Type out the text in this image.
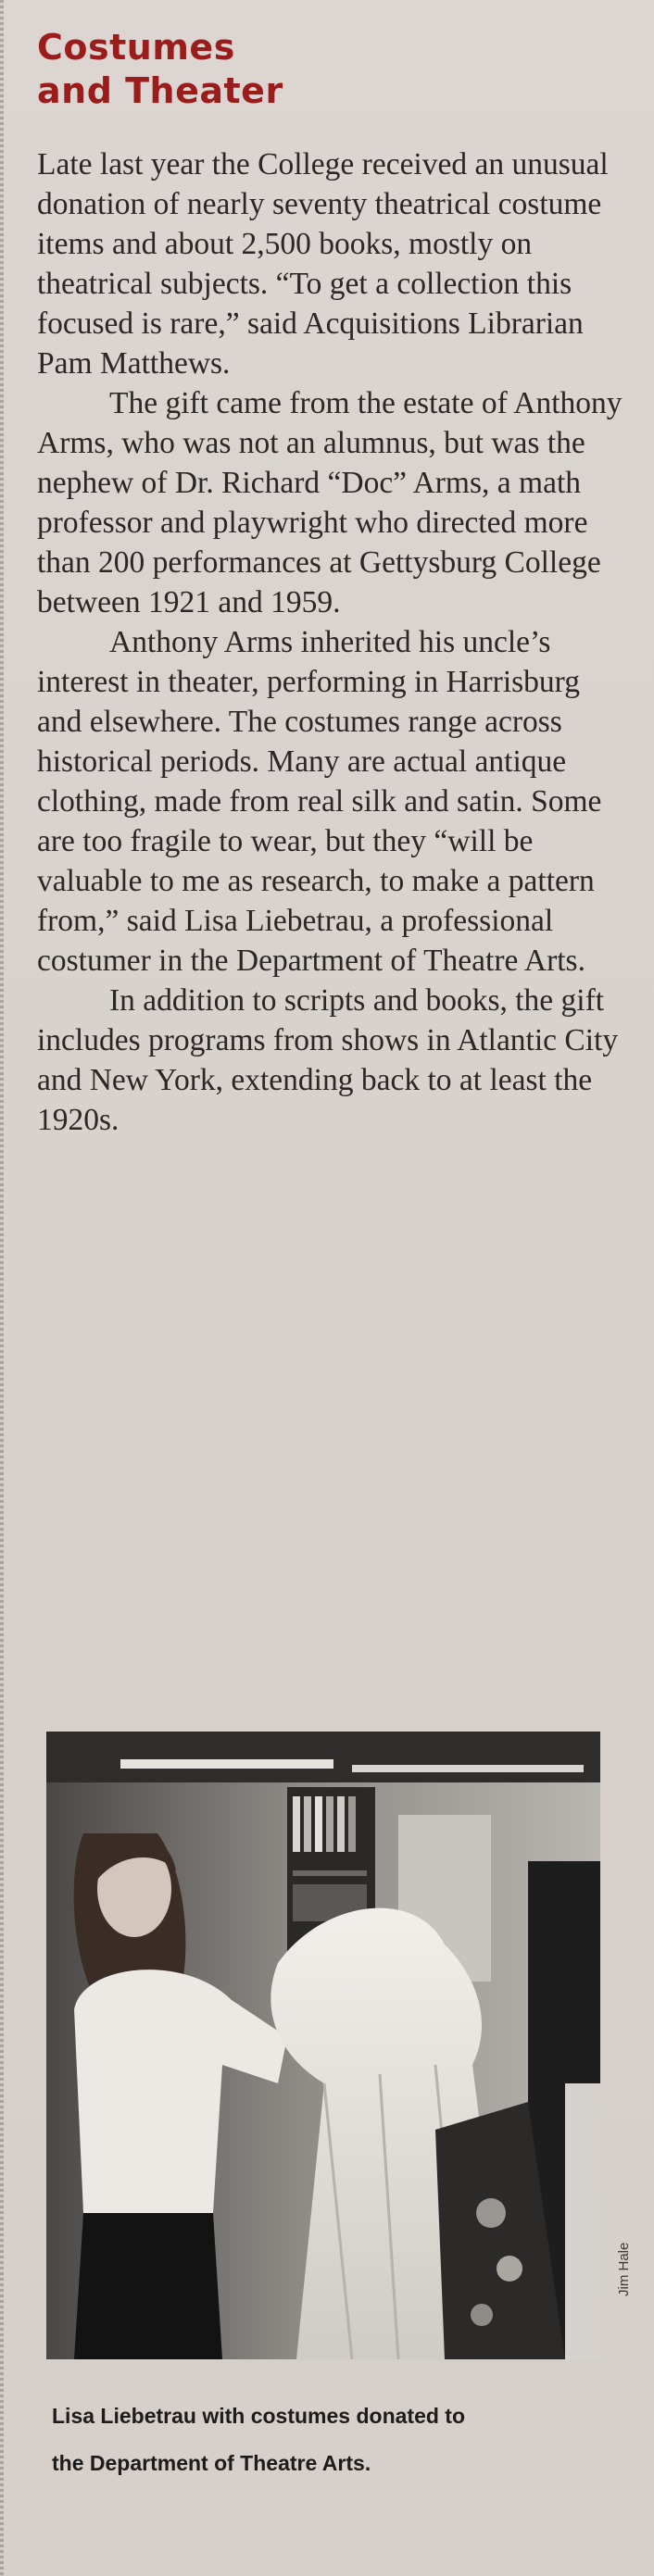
Costumes
and Theater

Late last year the College received an unusual donation of nearly seventy theatrical costume items and about 2,500 books, mostly on theatrical subjects. “To get a collection this focused is rare,” said Acquisitions Librarian Pam Matthews.

The gift came from the estate of Anthony Arms, who was not an alumnus, but was the nephew of Dr. Richard “Doc” Arms, a math professor and playwright who directed more than 200 performances at Gettysburg College between 1921 and 1959.

Anthony Arms inherited his uncle’s interest in theater, performing in Harrisburg and elsewhere. The costumes range across historical periods. Many are actual antique clothing, made from real silk and satin. Some are too fragile to wear, but they “will be valuable to me as research, to make a pattern from,” said Lisa Liebetrau, a professional costumer in the Department of Theatre Arts.

In addition to scripts and books, the gift includes programs from shows in Atlantic City and New York, extending back to at least the 1920s.

Jim Hale

Lisa Liebetrau with costumes donated to
the Department of Theatre Arts.
